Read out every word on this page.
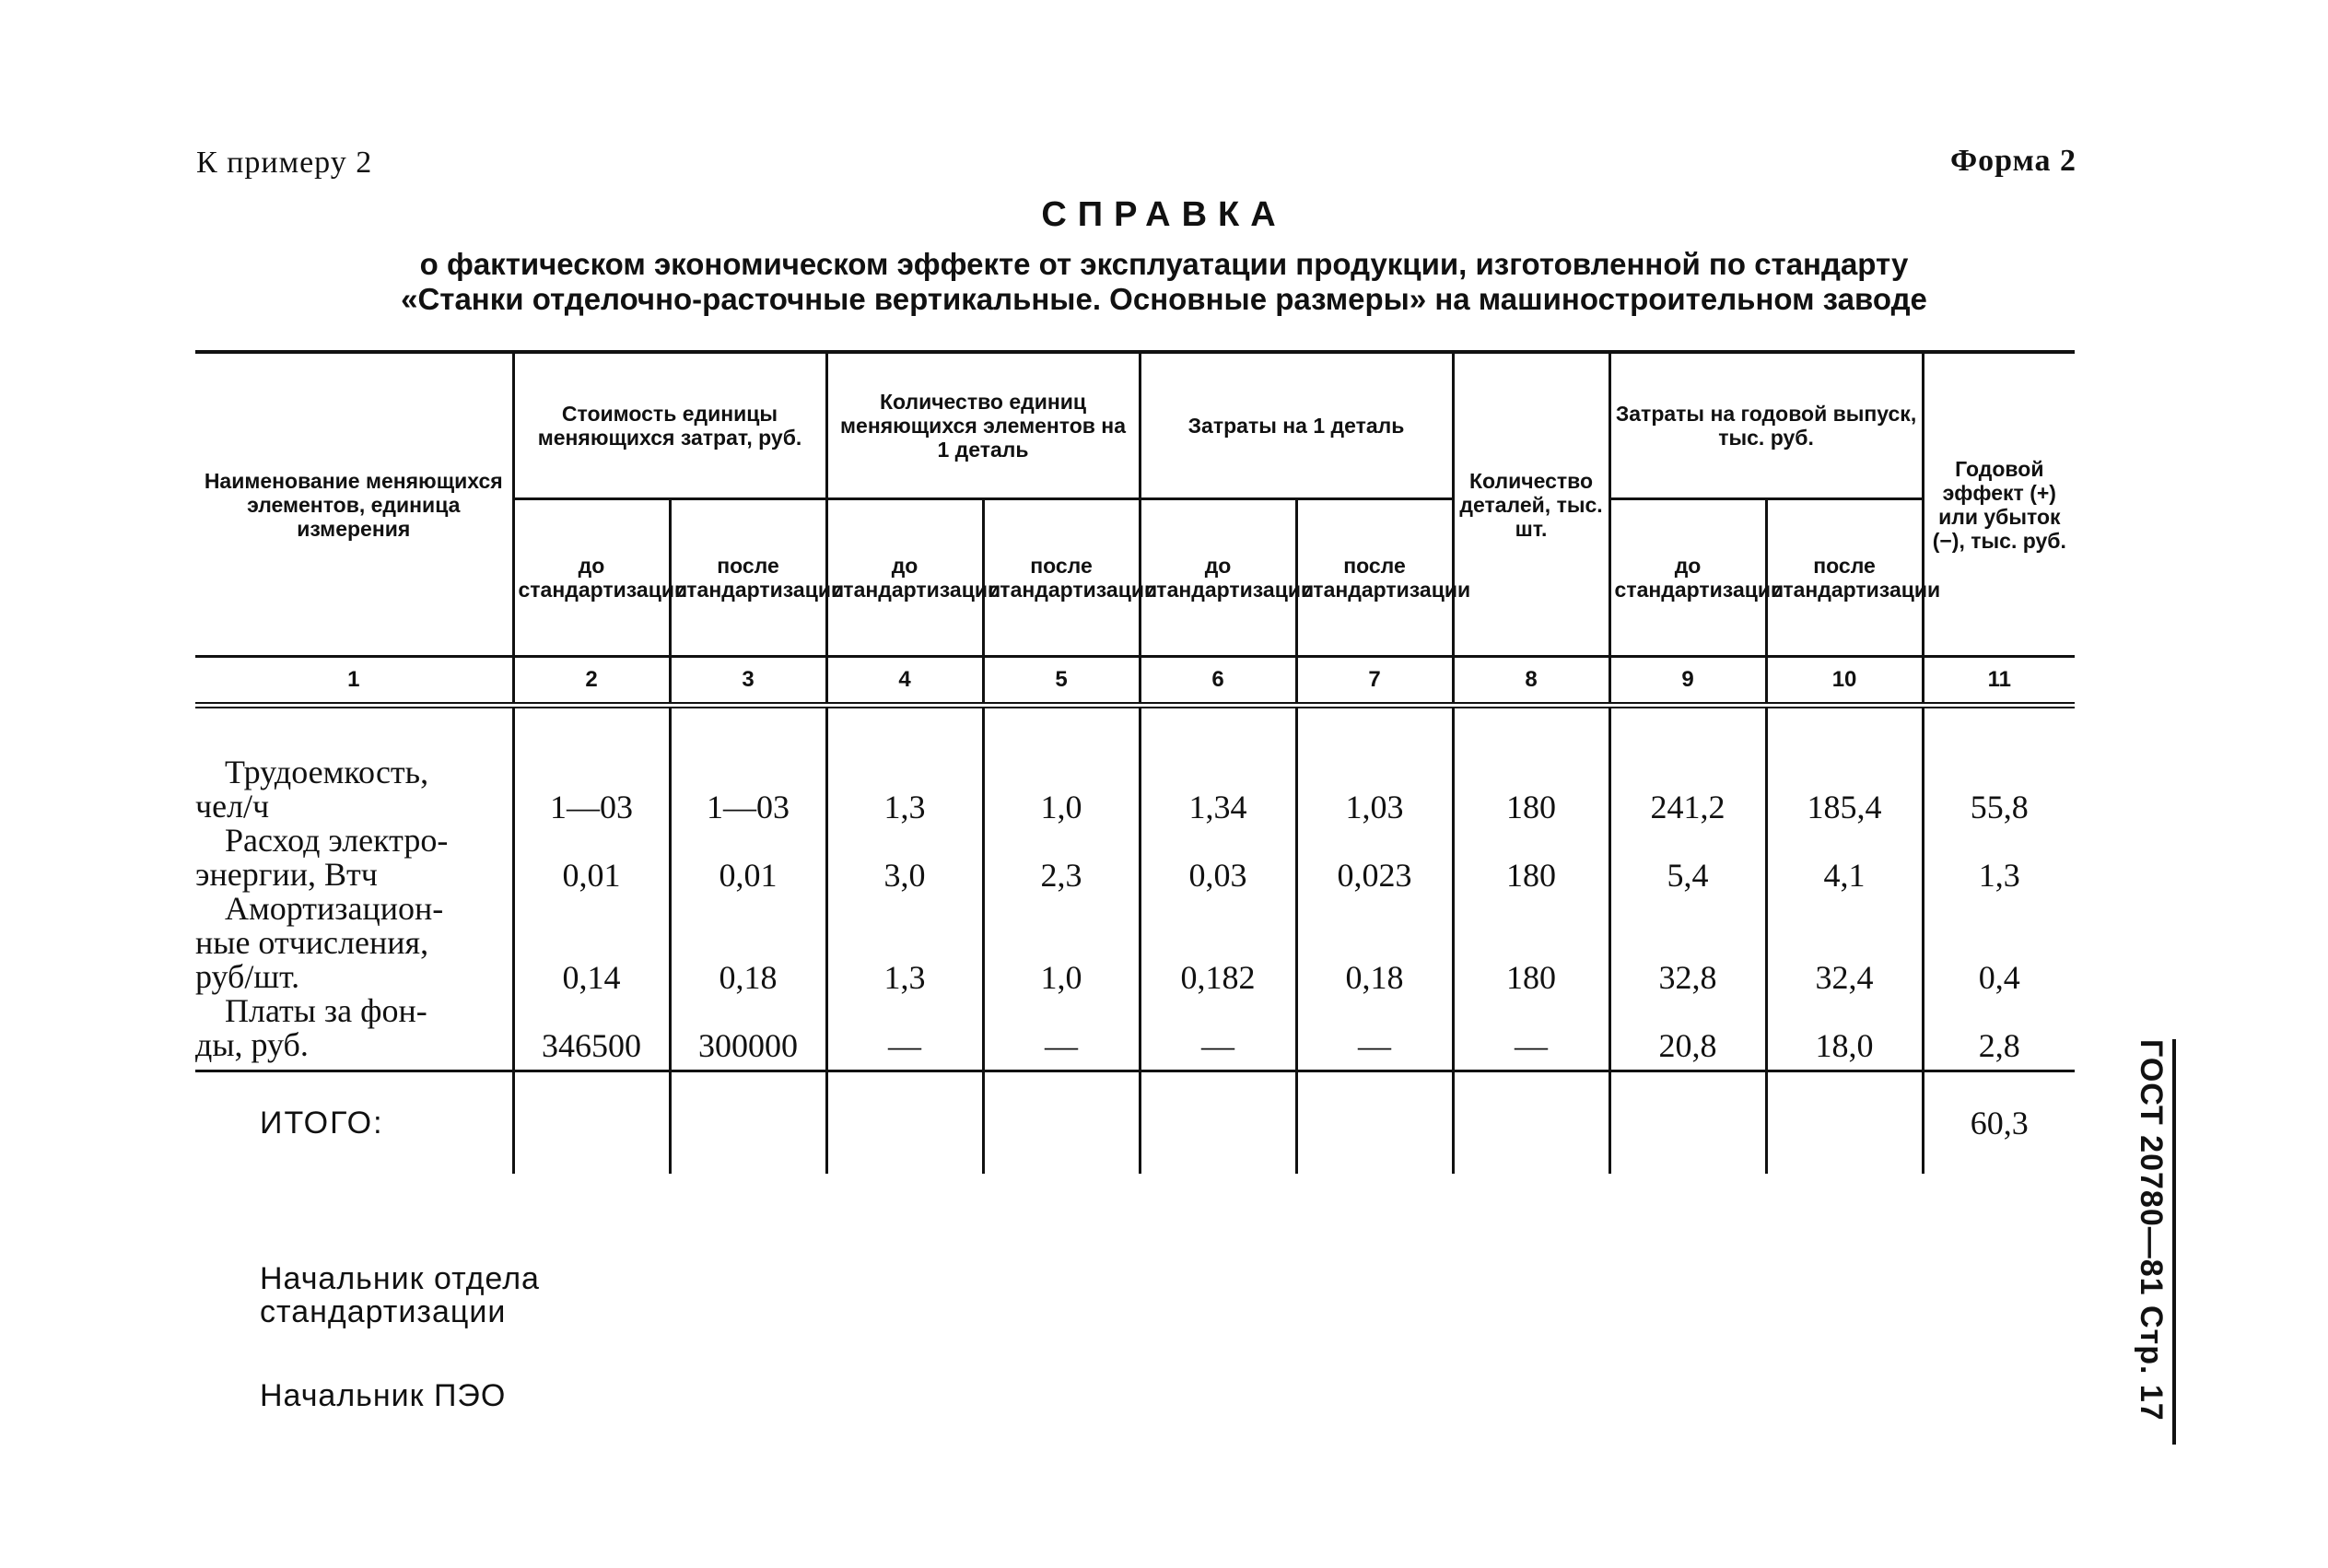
К примеру 2	Форма 2
СПРАВКА
о фактическом экономическом эффекте от эксплуатации продукции, изготовленной по стандарту
«Станки отделочно-расточные вертикальные. Основные размеры» на машиностроительном заводе
Наименование меняющихся элементов, единица измерения	Стоимость единицы меняющихся затрат, руб.		Количество единиц меняющихся элементов на 1 деталь		Затраты на 1 деталь		Количество деталей, тыс. шт.	Затраты на годовой выпуск, тыс. руб.		Годовой эффект (+) или убыток (−), тыс. руб.
	до стандартизации	после стандартизации	до стандартизации	после стандартизации	до стандартизации	после стандартизации		до стандартизации	после стандартизации	
1	2	3	4	5	6	7	8	9	10	11

Трудоемкость,
чел/ч	1—03	1—03	1,3	1,0	1,34	1,03	180	241,2	185,4	55,8

Расход электро-
энергии, Втч	0,01	0,01	3,0	2,3	0,03	0,023	180	5,4	4,1	1,3

Амортизацион-
ные отчисления,
руб/шт.	0,14	0,18	1,3	1,0	0,182	0,18	180	32,8	32,4	0,4

Платы за фон-
ды, руб.	346500	300000	—	—	—	—	—	20,8	18,0	2,8
ИТОГО:										60,3
Начальник отдела
стандартизации
Начальник ПЭО	ГОСТ 20780—81 Стр. 17
